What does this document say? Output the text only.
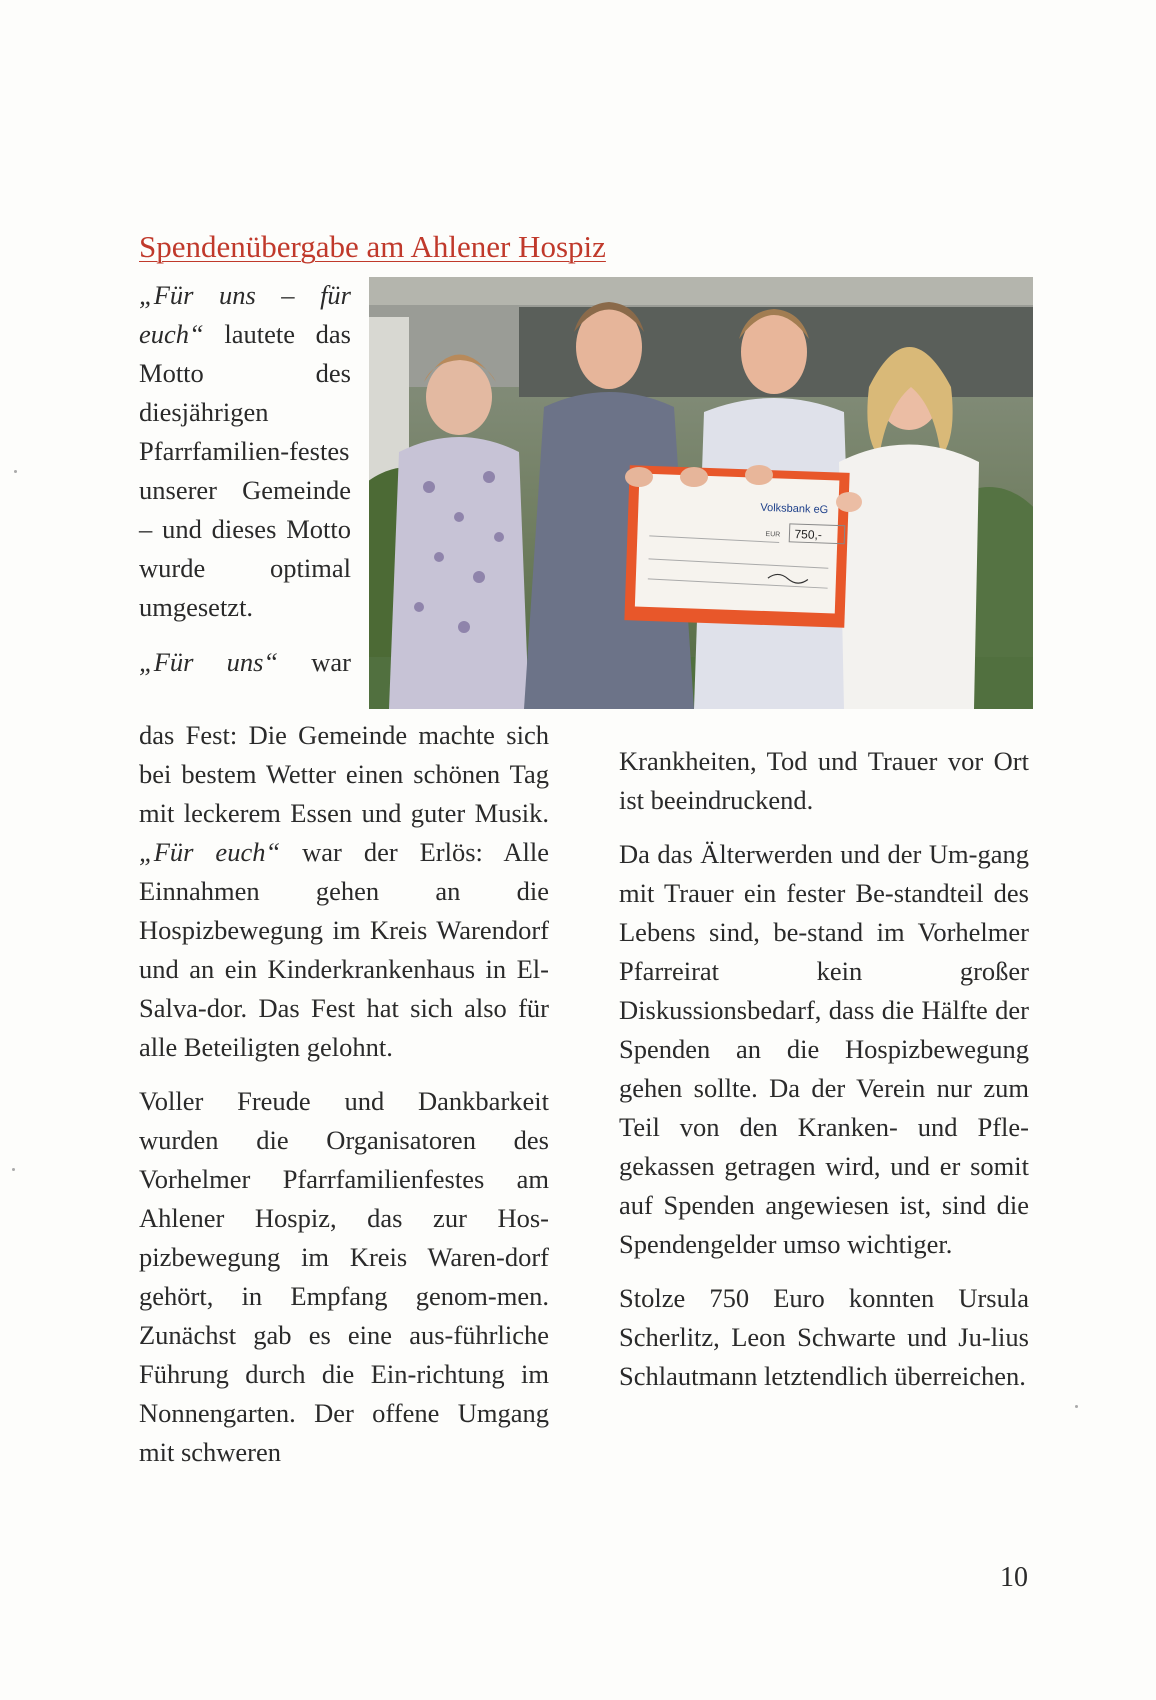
Spendenübergabe am Ahlener Hospiz

„Für uns – für euch“ lautete das Motto des diesjährigen Pfarrfamilien-festes unserer Gemeinde – und dieses Motto wurde optimal umgesetzt.

„Für uns“ war

Volksbank eG
750,-
EUR

das Fest: Die Gemeinde machte sich bei bestem Wetter einen schönen Tag mit leckerem Essen und guter Musik. „Für euch“ war der Erlös: Alle Einnahmen gehen an die Hospizbewegung im Kreis Warendorf und an ein Kinderkrankenhaus in El-Salva-dor. Das Fest hat sich also für alle Beteiligten gelohnt.

Voller Freude und Dankbarkeit wurden die Organisatoren des Vorhelmer Pfarrfamilienfestes am Ahlener Hospiz, das zur Hos-pizbewegung im Kreis Waren-dorf gehört, in Empfang genom-men. Zunächst gab es eine aus-führliche Führung durch die Ein-richtung im Nonnengarten. Der offene Umgang mit schweren

Krankheiten, Tod und Trauer vor Ort ist beeindruckend.

Da das Älterwerden und der Um-gang mit Trauer ein fester Be-standteil des Lebens sind, be-stand im Vorhelmer Pfarreirat kein großer Diskussionsbedarf, dass die Hälfte der Spenden an die Hospizbewegung gehen sollte. Da der Verein nur zum Teil von den Kranken- und Pfle-gekassen getragen wird, und er somit auf Spenden angewiesen ist, sind die Spendengelder umso wichtiger.

Stolze 750 Euro konnten Ursula Scherlitz, Leon Schwarte und Ju-lius Schlautmann letztendlich überreichen.

10
